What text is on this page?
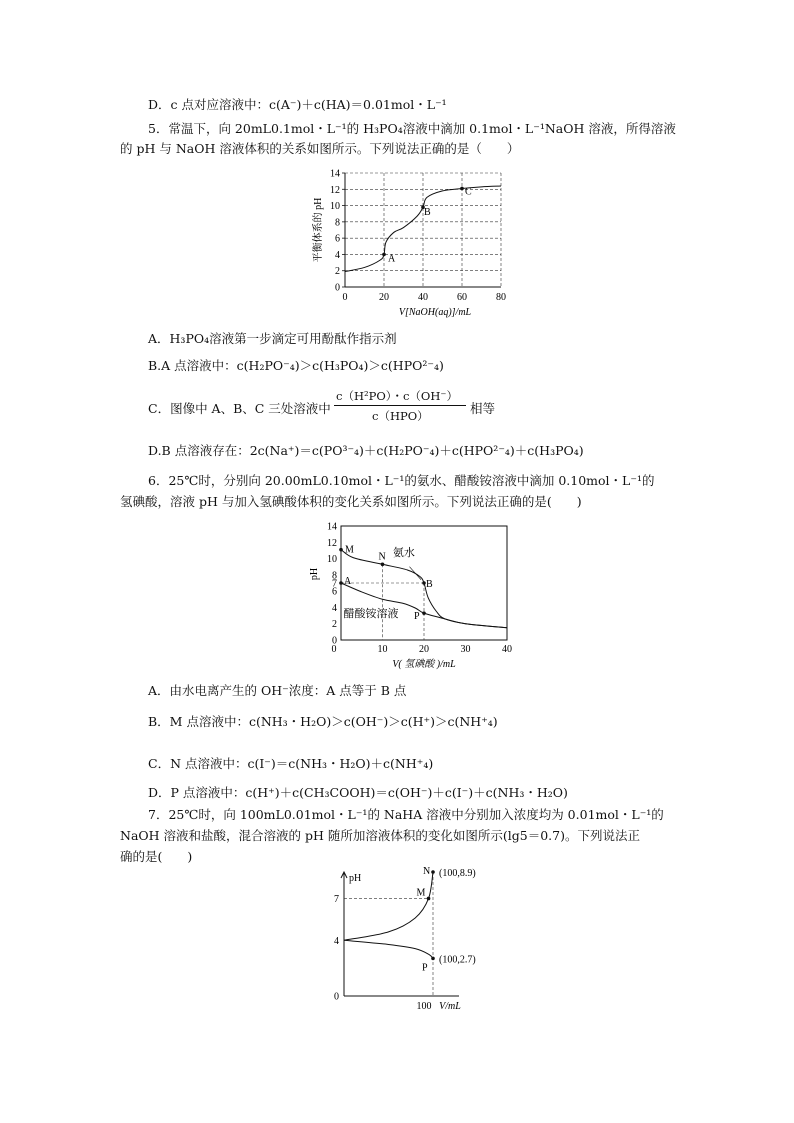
D．c 点对应溶液中：c(A⁻)＋c(HA)＝0.01mol・L⁻¹
5．常温下，向 20mL0.1mol・L⁻¹的 H₃PO₄溶液中滴加 0.1mol・L⁻¹NaOH 溶液，所得溶液
的 pH 与 NaOH 溶液体积的关系如图所示。下列说法正确的是（　　）
0
2
4
6
8
10
12
14
0	20	40	60	80
A
B
C
V[NaOH(aq)]/mL
平衡体系的 pH
A．H₃PO₄溶液第一步滴定可用酚酞作指示剂
B.A 点溶液中：c(H₂PO⁻₄)＞c(H₃PO₄)＞c(HPO²⁻₄)
C．图像中 A、B、C 三处溶液中
c（H²PO）・c（OH⁻）
c（HPO）	相等
D.B 点溶液存在：2c(Na⁺)＝c(PO³⁻₄)＋c(H₂PO⁻₄)＋c(HPO²⁻₄)＋c(H₃PO₄)
6．25℃时，分别向 20.00mL0.10mol・L⁻¹的氨水、醋酸铵溶液中滴加 0.10mol・L⁻¹的
氢碘酸，溶液 pH 与加入氢碘酸体积的变化关系如图所示。下列说法正确的是(　　)
0
2
4
6
7
8
10
12
14
10	20	30	40
0
M
N
A	B
P
氨水
醋酸铵溶液
V( 氢碘酸 )/mL
pH
A．由水电离产生的 OH⁻浓度：A 点等于 B 点
B．M 点溶液中：c(NH₃・H₂O)＞c(OH⁻)＞c(H⁺)＞c(NH⁺₄)
C．N 点溶液中：c(I⁻)＝c(NH₃・H₂O)＋c(NH⁺₄)
D．P 点溶液中：c(H⁺)＋c(CH₃COOH)＝c(OH⁻)＋c(I⁻)＋c(NH₃・H₂O)
7．25℃时，向 100mL0.01mol・L⁻¹的 NaHA 溶液中分别加入浓度均为 0.01mol・L⁻¹的
NaOH 溶液和盐酸，混合溶液的 pH 随所加溶液体积的变化如图所示(lg5＝0.7)。下列说法正
确的是(　　)
0
4
7
pH
N (100,8.9)
M
P
(100,2.7)
100 V/mL
